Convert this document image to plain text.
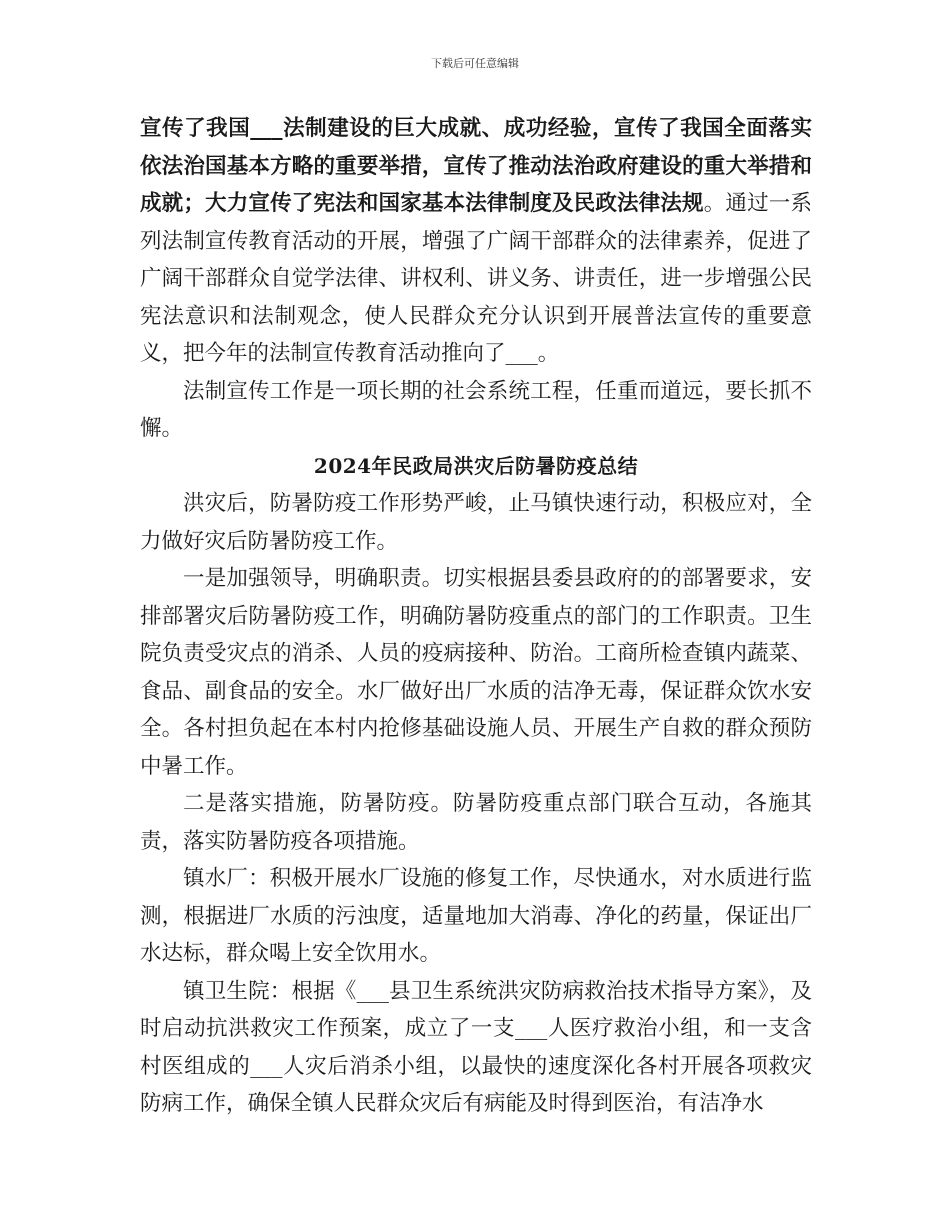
下载后可任意编辑

宣传了我国___法制建设的巨大成就、成功经验，宣传了我国全面落实依法治国基本方略的重要举措，宣传了推动法治政府建设的重大举措和成就；大力宣传了宪法和国家基本法律制度及民政法律法规。通过一系列法制宣传教育活动的开展，增强了广阔干部群众的法律素养，促进了广阔干部群众自觉学法律、讲权利、讲义务、讲责任，进一步增强公民宪法意识和法制观念，使人民群众充分认识到开展普法宣传的重要意义，把今年的法制宣传教育活动推向了___。

法制宣传工作是一项长期的社会系统工程，任重而道远，要长抓不懈。

2024年民政局洪灾后防暑防疫总结

洪灾后，防暑防疫工作形势严峻，止马镇快速行动，积极应对，全力做好灾后防暑防疫工作。

一是加强领导，明确职责。切实根据县委县政府的的部署要求，安排部署灾后防暑防疫工作，明确防暑防疫重点的部门的工作职责。卫生院负责受灾点的消杀、人员的疫病接种、防治。工商所检查镇内蔬菜、食品、副食品的安全。水厂做好出厂水质的洁净无毒，保证群众饮水安全。各村担负起在本村内抢修基础设施人员、开展生产自救的群众预防中暑工作。

二是落实措施，防暑防疫。防暑防疫重点部门联合互动，各施其责，落实防暑防疫各项措施。

镇水厂：积极开展水厂设施的修复工作，尽快通水，对水质进行监测，根据进厂水质的污浊度，适量地加大消毒、净化的药量，保证出厂水达标，群众喝上安全饮用水。

镇卫生院：根据《___县卫生系统洪灾防病救治技术指导方案》，及时启动抗洪救灾工作预案，成立了一支___人医疗救治小组，和一支含村医组成的___人灾后消杀小组，以最快的速度深化各村开展各项救灾防病工作，确保全镇人民群众灾后有病能及时得到医治，有洁净水
